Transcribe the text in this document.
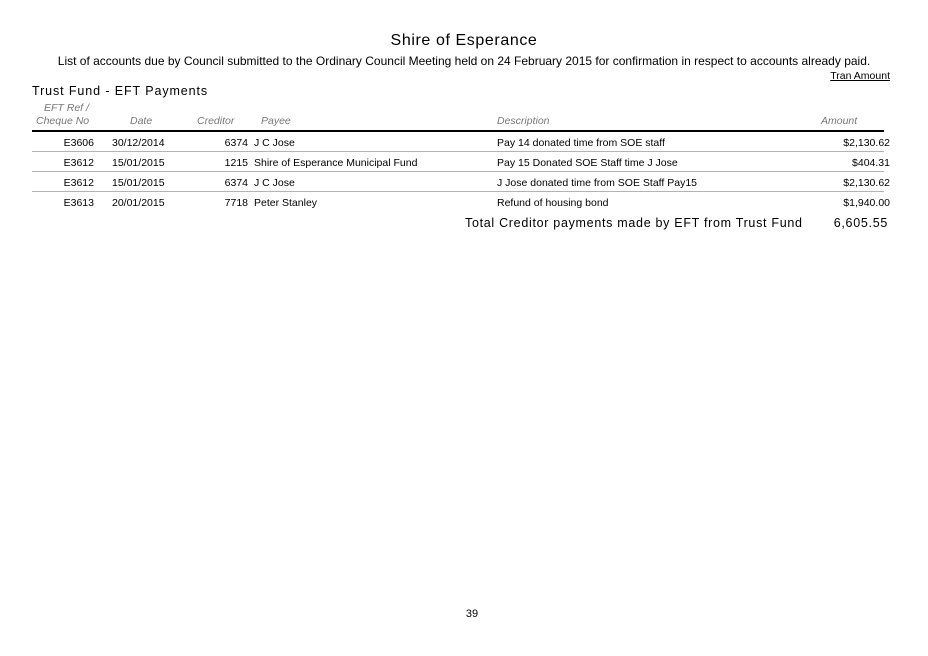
Shire of Esperance
List of accounts due by Council submitted to the Ordinary Council Meeting held on 24 February 2015 for confirmation in respect to accounts already paid.
Tran Amount
Trust Fund - EFT Payments
EFT Ref /
Cheque No	Date	Creditor	Payee	Description	Amount
E3606 30/12/2014	6374 J C Jose	Pay 14 donated time from SOE staff	$2,130.62
E3612 15/01/2015	1215 Shire of Esperance Municipal Fund	Pay 15 Donated SOE Staff time J Jose	$404.31
E3612 15/01/2015	6374 J C Jose	J Jose donated time from SOE Staff Pay15	$2,130.62
E3613 20/01/2015	7718 Peter Stanley	Refund of housing bond	$1,940.00
Total Creditor payments made by EFT from Trust Fund 6,605.55
39
